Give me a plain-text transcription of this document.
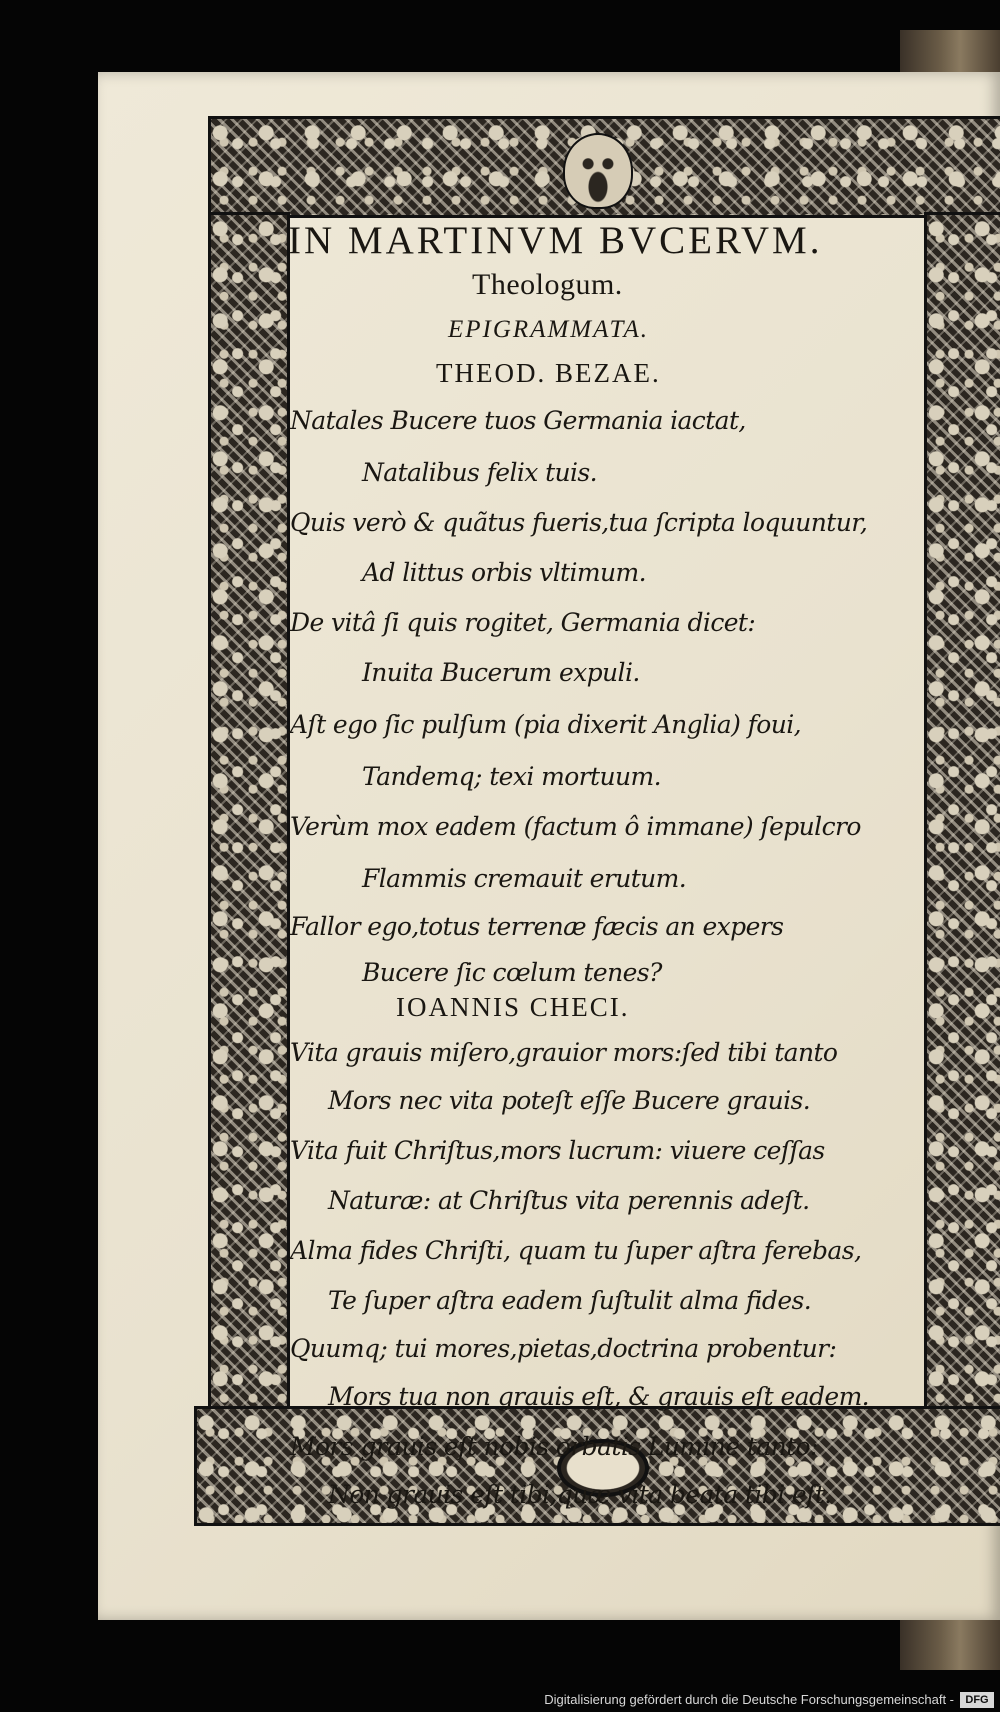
IN MARTINVM BVCERVM.
Theologum.
EPIGRAMMATA.
THEOD. BEZAE.
Natales Bucere tuos Germania iactat,
Natalibus felix tuis.
Quis verò & quãtus fueris,tua ſcripta loquuntur,
Ad littus orbis vltimum.
De vitâ ſi quis rogitet, Germania dicet:
Inuita Bucerum expuli.
Aſt ego ſic pulſum (pia dixerit Anglia) foui,
Tandemq; texi mortuum.
Verùm mox eadem (factum ô immane) ſepulcro
Flammis cremauit erutum.
Fallor ego,totus terrenæ fæcis an expers
Bucere ſic cœlum tenes?
IOANNIS CHECI.
Vita grauis miſero,grauior mors:ſed tibi tanto
Mors nec vita poteſt eſſe Bucere grauis.
Vita fuit Chriſtus,mors lucrum: viuere ceſſas
Naturæ: at Chriſtus vita perennis adeſt.
Alma fides Chriſti, quam tu ſuper aſtra ferebas,
Te ſuper aſtra eadem ſuſtulit alma fides.
Quumq; tui mores,pietas,doctrina probentur:
Mors tua non grauis eſt, & grauis eſt eadem.
Mors grauis eſt nobis orbatis Lumine tanto:
Non grauis eſt tibi,quæ vita beata tibi eſt.
Digitalisierung gefördert durch die Deutsche Forschungsgemeinschaft -	DFG
